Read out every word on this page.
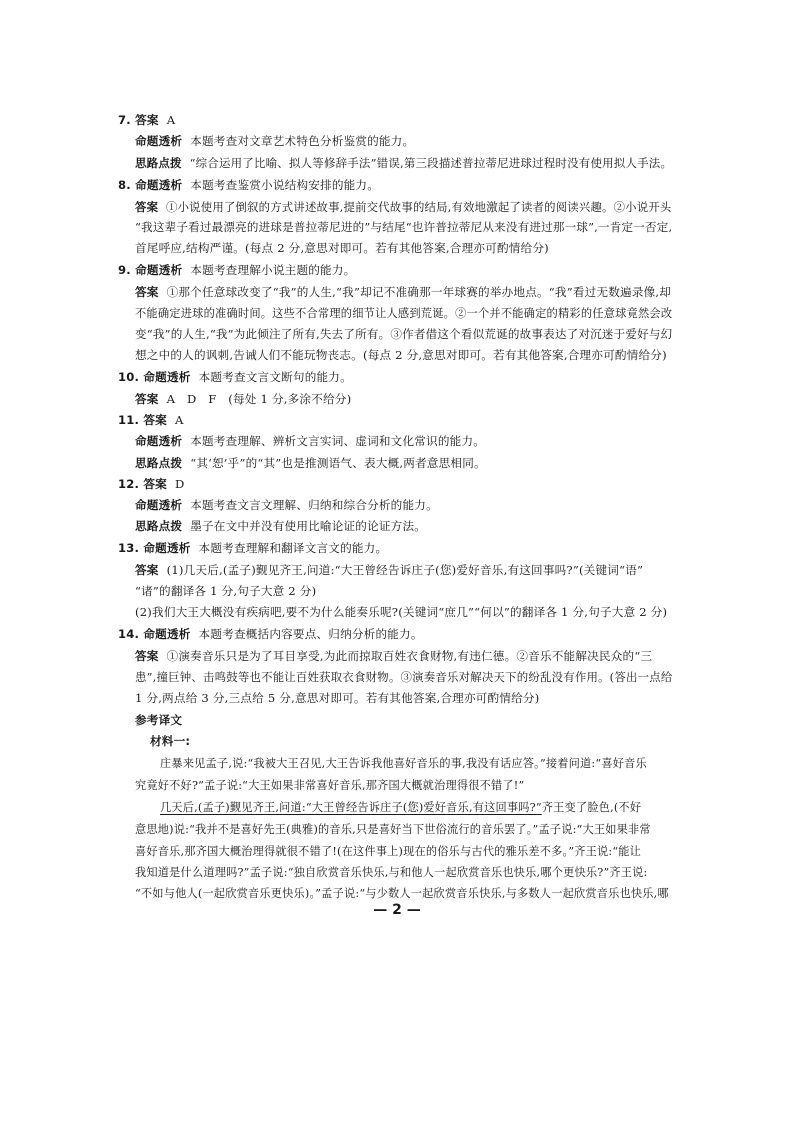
7. 答案 A
命题透析 本题考查对文章艺术特色分析鉴赏的能力。
思路点拨 “综合运用了比喻、拟人等修辞手法”错误,第三段描述普拉蒂尼进球过程时没有使用拟人手法。
8. 命题透析 本题考查鉴赏小说结构安排的能力。
答案 ①小说使用了倒叙的方式讲述故事,提前交代故事的结局,有效地激起了读者的阅读兴趣。②小说开头
“我这辈子看过最漂亮的进球是普拉蒂尼进的”与结尾“也许普拉蒂尼从来没有进过那一球”,一肯定一否定,
首尾呼应,结构严谨。(每点 2 分,意思对即可。若有其他答案,合理亦可酌情给分)
9. 命题透析 本题考查理解小说主题的能力。
答案 ①那个任意球改变了“我”的人生,“我”却记不准确那一年球赛的举办地点。“我”看过无数遍录像,却
不能确定进球的准确时间。这些不合常理的细节让人感到荒诞。②一个并不能确定的精彩的任意球竟然会改
变“我”的人生,“我”为此倾注了所有,失去了所有。③作者借这个看似荒诞的故事表达了对沉迷于爱好与幻
想之中的人的讽刺,告诫人们不能玩物丧志。(每点 2 分,意思对即可。若有其他答案,合理亦可酌情给分)
10. 命题透析 本题考查文言文断句的能力。
答案 A　D　F　(每处 1 分,多涂不给分)
11. 答案 A
命题透析 本题考查理解、辨析文言实词、虚词和文化常识的能力。
思路点拨 “其‘恕’乎”的“其”也是推测语气、表大概,两者意思相同。
12. 答案 D
命题透析 本题考查文言文理解、归纳和综合分析的能力。
思路点拨 墨子在文中并没有使用比喻论证的论证方法。
13. 命题透析 本题考查理解和翻译文言文的能力。
答案 (1)几天后,(孟子)觐见齐王,问道:“大王曾经告诉庄子(您)爱好音乐,有这回事吗?”(关键词“语”
“诸”的翻译各 1 分,句子大意 2 分)
(2)我们大王大概没有疾病吧,要不为什么能奏乐呢?(关键词“庶几”“何以”的翻译各 1 分,句子大意 2 分)
14. 命题透析 本题考查概括内容要点、归纳分析的能力。
答案 ①演奏音乐只是为了耳目享受,为此而掠取百姓衣食财物,有违仁德。②音乐不能解决民众的“三
患”,撞巨钟、击鸣鼓等也不能让百姓获取衣食财物。③演奏音乐对解决天下的纷乱没有作用。(答出一点给
1 分,两点给 3 分,三点给 5 分,意思对即可。若有其他答案,合理亦可酌情给分)
参考译文
材料一:
庄暴来见孟子,说:“我被大王召见,大王告诉我他喜好音乐的事,我没有话应答。”接着问道:“喜好音乐
究竟好不好?”孟子说:“大王如果非常喜好音乐,那齐国大概就治理得很不错了!”
几天后,(孟子)觐见齐王,问道:“大王曾经告诉庄子(您)爱好音乐,有这回事吗?”齐王变了脸色,(不好
意思地)说:“我并不是喜好先王(典雅)的音乐,只是喜好当下世俗流行的音乐罢了。”孟子说:“大王如果非常
喜好音乐,那齐国大概治理得就很不错了!(在这件事上)现在的俗乐与古代的雅乐差不多。”齐王说:“能让
我知道是什么道理吗?”孟子说:“独自欣赏音乐快乐,与和他人一起欣赏音乐也快乐,哪个更快乐?”齐王说:
“不如与他人(一起欣赏音乐更快乐)。”孟子说:“与少数人一起欣赏音乐快乐,与多数人一起欣赏音乐也快乐,哪
— 2 —
